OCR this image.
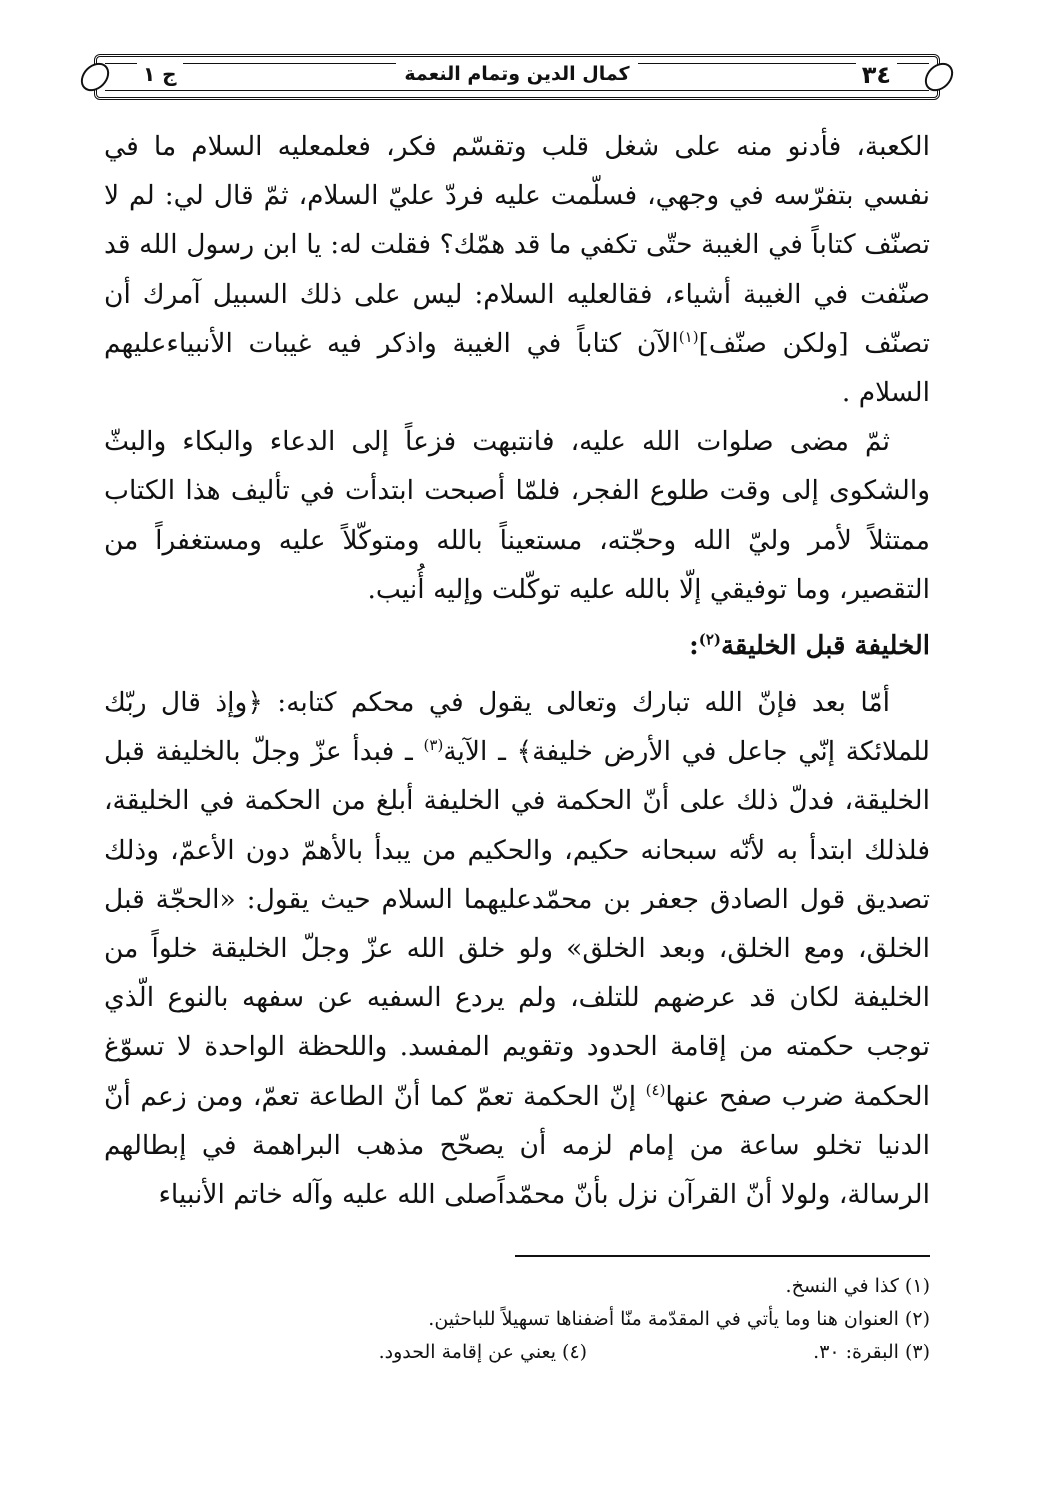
٣٤
كمال الدين وتمام النعمة
ج ١

الكعبة، فأدنو منه على شغل قلب وتقسّم فكر، فعلمعليه السلام ما في نفسي بتفرّسه في وجهي، فسلّمت عليه فردّ عليّ السلام، ثمّ قال لي: لم لا تصنّف كتاباً في الغيبة حتّى تكفي ما قد همّك؟ فقلت له: يا ابن رسول الله قد صنّفت في الغيبة أشياء، فقالعليه السلام: ليس على ذلك السبيل آمرك أن تصنّف [ولكن صنّف]$^{(١)}$الآن كتاباً في الغيبة واذكر فيه غيبات الأنبياءعليهم السلام .

ثمّ مضى صلوات الله عليه، فانتبهت فزعاً إلى الدعاء والبكاء والبثّ والشكوى إلى وقت طلوع الفجر، فلمّا أصبحت ابتدأت في تأليف هذا الكتاب ممتثلاً لأمر وليّ الله وحجّته، مستعيناً بالله ومتوكّلاً عليه ومستغفراً من التقصير، وما توفيقي إلّا بالله عليه توكّلت وإليه أُنيب.

الخليفة قبل الخليقة$^{(٢)}$:

أمّا بعد فإنّ الله تبارك وتعالى يقول في محكم كتابه: ﴿وإذ قال ربّك للملائكة إنّي جاعل في الأرض خليفة﴾ ـ الآية$^{(٣)}$ ـ فبدأ عزّ وجلّ بالخليفة قبل الخليقة، فدلّ ذلك على أنّ الحكمة في الخليفة أبلغ من الحكمة في الخليقة، فلذلك ابتدأ به لأنّه سبحانه حكيم، والحكيم من يبدأ بالأهمّ دون الأعمّ، وذلك تصديق قول الصادق جعفر بن محمّدعليهما السلام حيث يقول: «الحجّة قبل الخلق، ومع الخلق، وبعد الخلق» ولو خلق الله عزّ وجلّ الخليقة خلواً من الخليفة لكان قد عرضهم للتلف، ولم يردع السفيه عن سفهه بالنوع الّذي توجب حكمته من إقامة الحدود وتقويم المفسد. واللحظة الواحدة لا تسوّغ الحكمة ضرب صفح عنها$^{(٤)}$ إنّ الحكمة تعمّ كما أنّ الطاعة تعمّ، ومن زعم أنّ الدنيا تخلو ساعة من إمام لزمه أن يصحّح مذهب البراهمة في إبطالهم الرسالة، ولولا أنّ القرآن نزل بأنّ محمّداًصلى الله عليه وآله خاتم الأنبياء

(١) كذا في النسخ.
(٢) العنوان هنا وما يأتي في المقدّمة منّا أضفناها تسهيلاً للباحثين.
(٣) البقرة: ٣٠. (٤) يعني عن إقامة الحدود.
